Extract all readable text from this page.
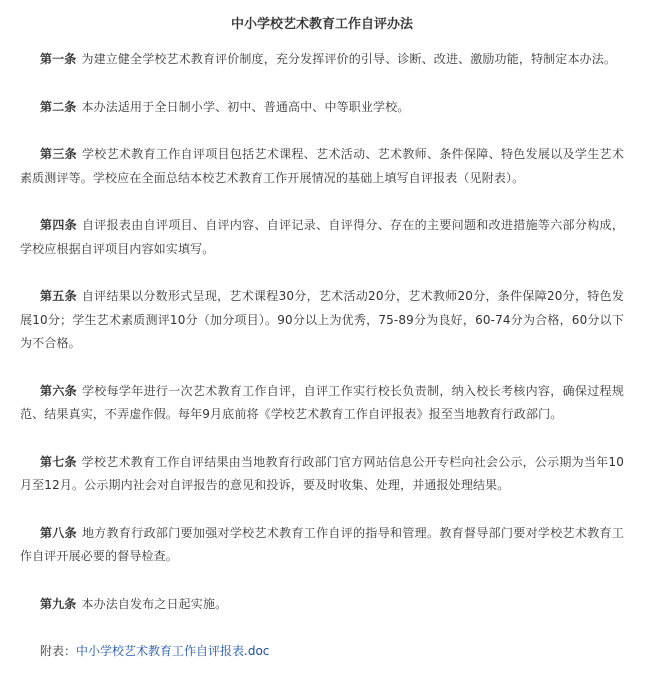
中小学校艺术教育工作自评办法

第一条 为建立健全学校艺术教育评价制度，充分发挥评价的引导、诊断、改进、激励功能，特制定本办法。

第二条 本办法适用于全日制小学、初中、普通高中、中等职业学校。

第三条 学校艺术教育工作自评项目包括艺术课程、艺术活动、艺术教师、条件保障、特色发展以及学生艺术素质测评等。学校应在全面总结本校艺术教育工作开展情况的基础上填写自评报表（见附表）。

第四条 自评报表由自评项目、自评内容、自评记录、自评得分、存在的主要问题和改进措施等六部分构成，学校应根据自评项目内容如实填写。

第五条 自评结果以分数形式呈现，艺术课程30分，艺术活动20分，艺术教师20分，条件保障20分，特色发展10分；学生艺术素质测评10分（加分项目）。90分以上为优秀，75-89分为良好，60-74分为合格，60分以下为不合格。

第六条 学校每学年进行一次艺术教育工作自评，自评工作实行校长负责制，纳入校长考核内容，确保过程规范、结果真实，不弄虚作假。每年9月底前将《学校艺术教育工作自评报表》报至当地教育行政部门。

第七条 学校艺术教育工作自评结果由当地教育行政部门官方网站信息公开专栏向社会公示，公示期为当年10月至12月。公示期内社会对自评报告的意见和投诉，要及时收集、处理，并通报处理结果。

第八条 地方教育行政部门要加强对学校艺术教育工作自评的指导和管理。教育督导部门要对学校艺术教育工作自评开展必要的督导检查。

第九条 本办法自发布之日起实施。

附表：中小学校艺术教育工作自评报表.doc
